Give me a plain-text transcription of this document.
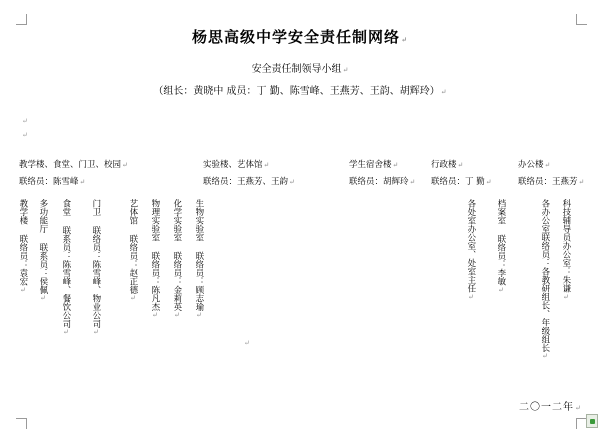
杨思高级中学安全责任制网络↵
安全责任制领导小组↵
（组长：黄晓中 成员：丁 勤、陈雪峰、王燕芳、王韵、胡辉玲）↵
↵
↵
↵
教学楼、食堂、门卫、校园↵	实验楼、艺体馆↵	学生宿舍楼↵	行政楼↵	办公楼↵
联络员：陈雪峰↵	联络员：王燕芳、王韵↵	联络员：胡辉玲↵ 联络员：丁 勤↵	联络员：王燕芳↵
教学楼 联络员：袁宏↵ 多功能厅 联系员：侯佩↵ 食堂 联系员：陈雪峰、餐饮公司↵
门卫 联络员：陈雪峰、物业公司↵
艺体馆 联络员：赵正德↵ 物理实验室 联络员：陈凡杰↵
化学实验室 联络员：金莉英↵
生物实验室 联络员：顾志瑜↵
各处室办公室、处室主任↵
档案室 联络员：李敏↵	各办公室联络员：各教研组长、年级组长↵
科技辅导员办公室：朱谦↵
二〇一二年↵
